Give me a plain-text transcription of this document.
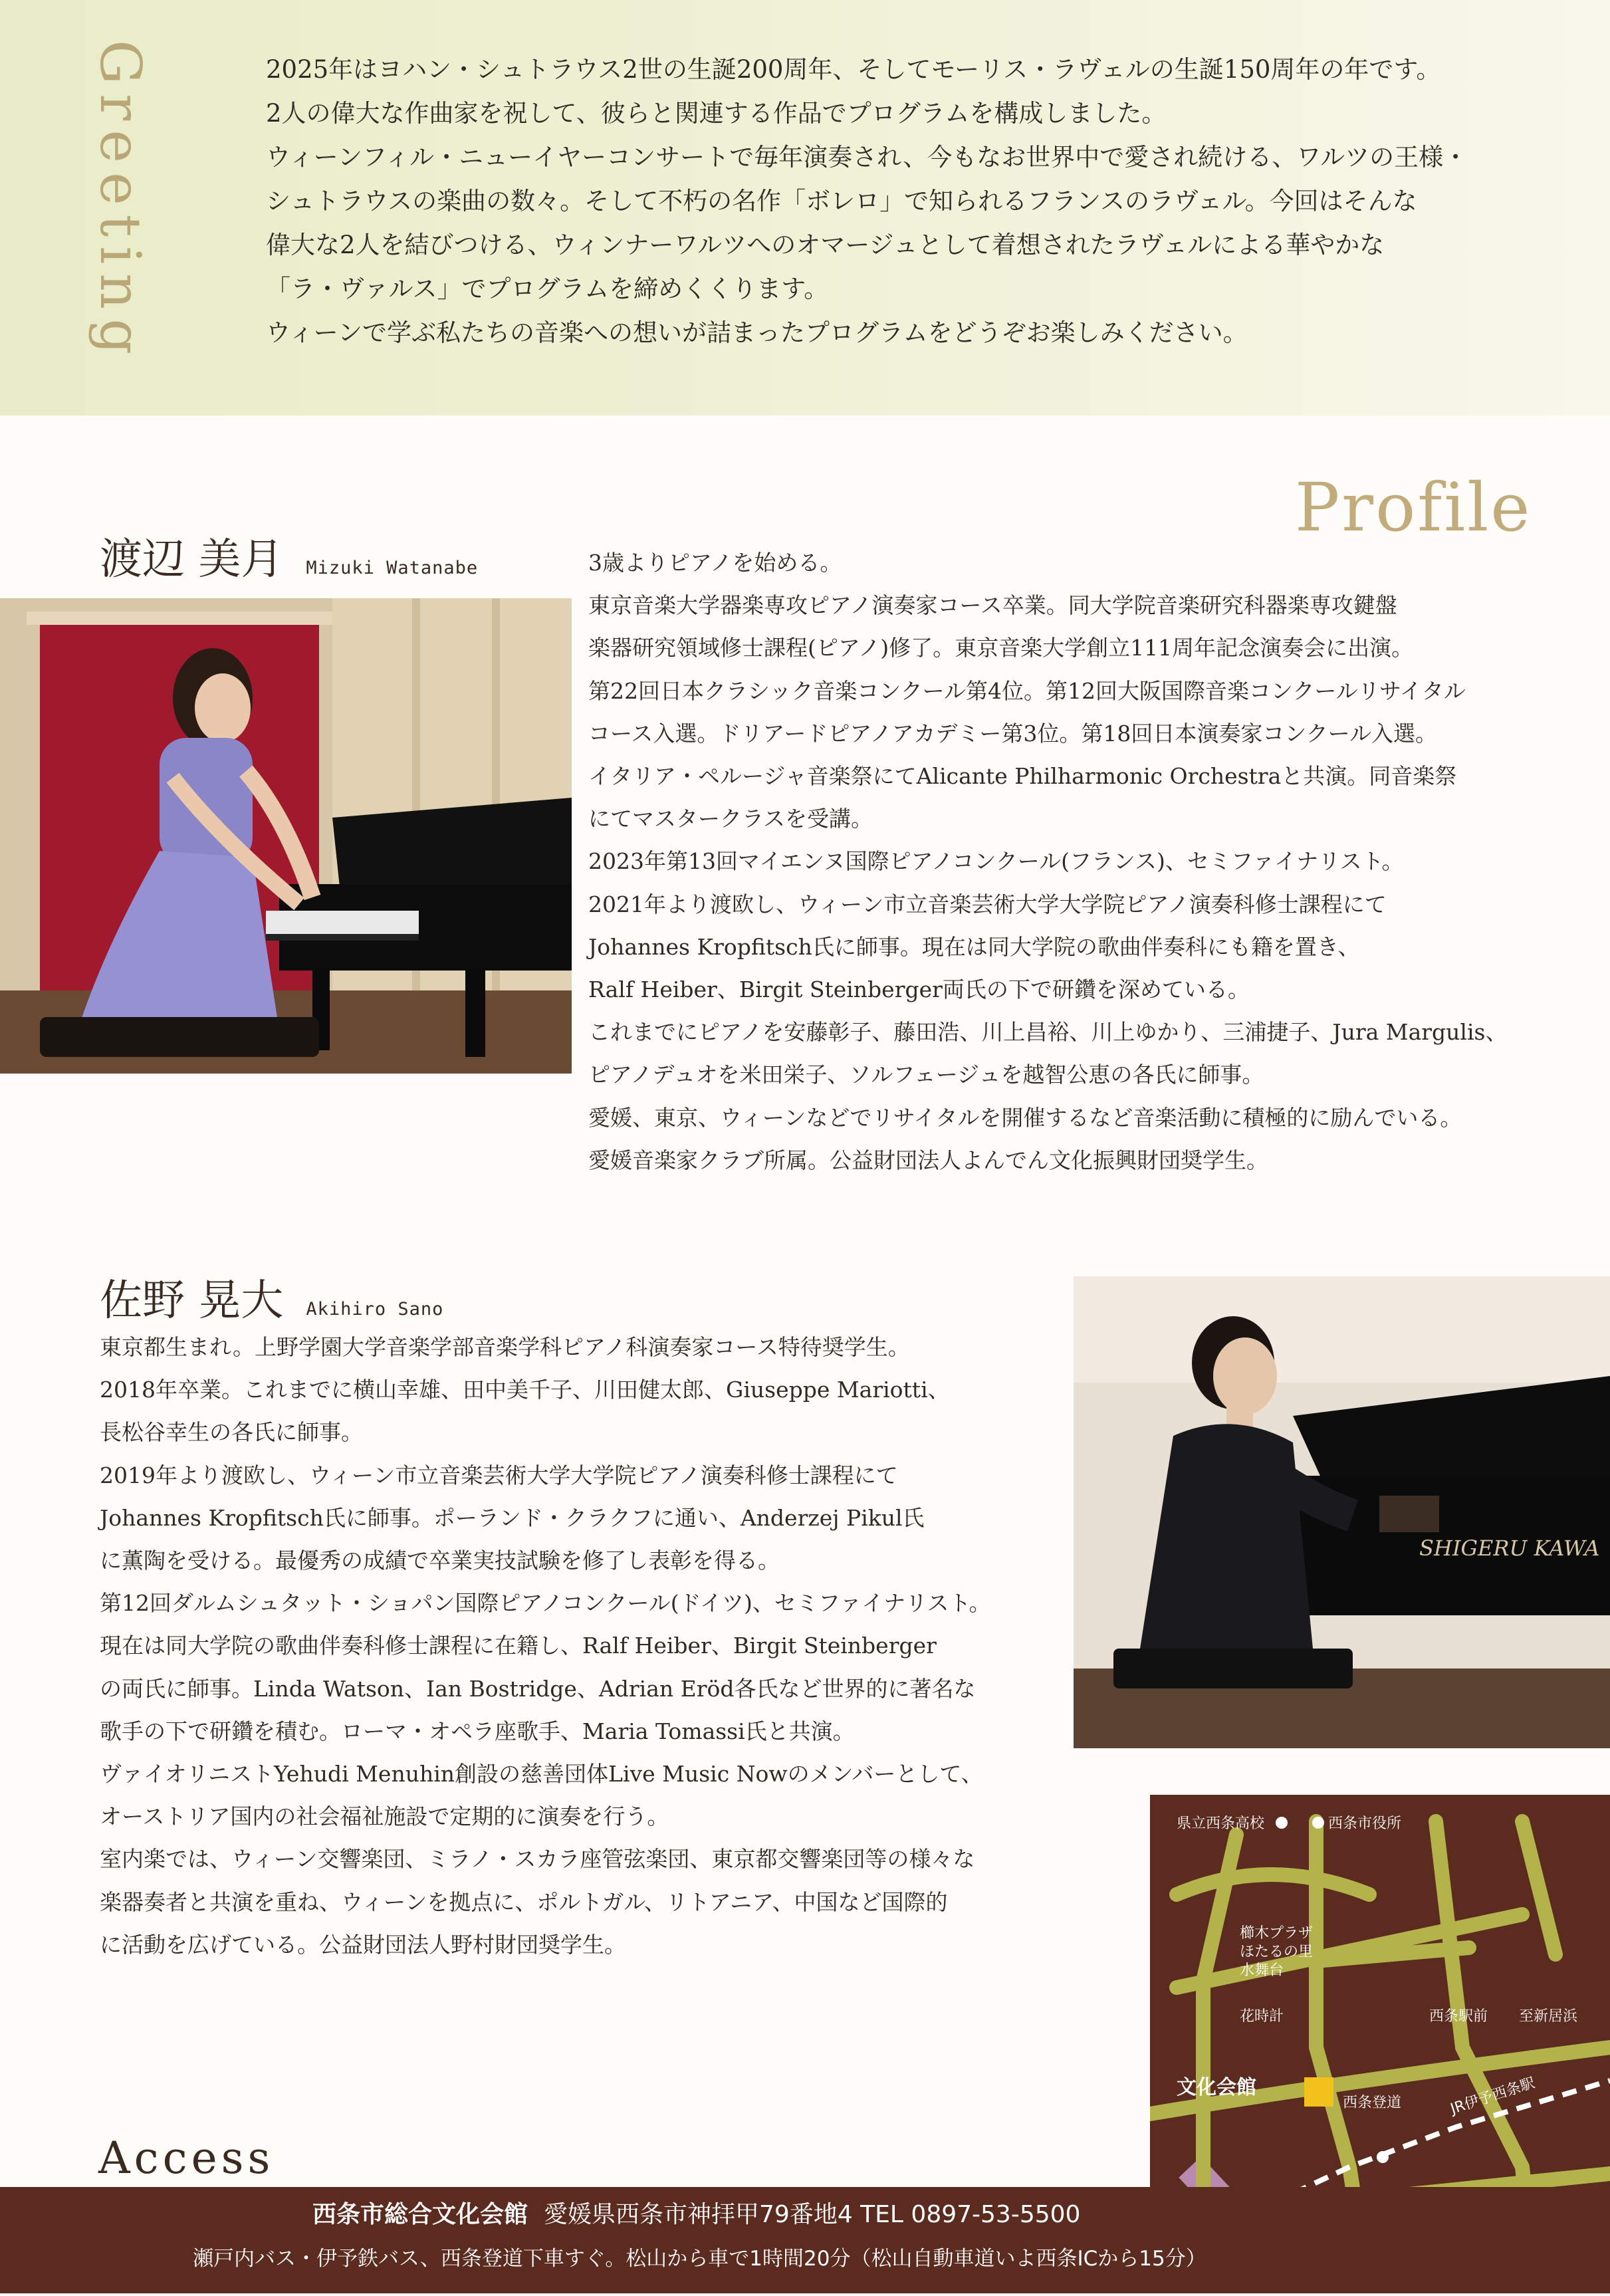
Greeting	2025年はヨハン・シュトラウス2世の生誕200周年、そしてモーリス・ラヴェルの生誕150周年の年です。

2人の偉大な作曲家を祝して、彼らと関連する作品でプログラムを構成しました。

ウィーンフィル・ニューイヤーコンサートで毎年演奏され、今もなお世界中で愛され続ける、ワルツの王様・

シュトラウスの楽曲の数々。そして不朽の名作「ボレロ」で知られるフランスのラヴェル。今回はそんな

偉大な2人を結びつける、ウィンナーワルツへのオマージュとして着想されたラヴェルによる華やかな

「ラ・ヴァルス」でプログラムを締めくくります。

ウィーンで学ぶ私たちの音楽への想いが詰まったプログラムをどうぞお楽しみください。

Profile
渡辺 美月 Mizuki Watanabe	3歳よりピアノを始める。

東京音楽大学器楽専攻ピアノ演奏家コース卒業。同大学院音楽研究科器楽専攻鍵盤

楽器研究領域修士課程(ピアノ)修了。東京音楽大学創立111周年記念演奏会に出演。

第22回日本クラシック音楽コンクール第4位。第12回大阪国際音楽コンクールリサイタル

コース入選。ドリアードピアノアカデミー第3位。第18回日本演奏家コンクール入選。

イタリア・ペルージャ音楽祭にてAlicante Philharmonic Orchestraと共演。同音楽祭

にてマスタークラスを受講。

2023年第13回マイエンヌ国際ピアノコンクール(フランス)、セミファイナリスト。

2021年より渡欧し、ウィーン市立音楽芸術大学大学院ピアノ演奏科修士課程にて

Johannes Kropfitsch氏に師事。現在は同大学院の歌曲伴奏科にも籍を置き、

Ralf Heiber、Birgit Steinberger両氏の下で研鑽を深めている。

これまでにピアノを安藤彰子、藤田浩、川上昌裕、川上ゆかり、三浦捷子、Jura Margulis、

ピアノデュオを米田栄子、ソルフェージュを越智公恵の各氏に師事。

愛媛、東京、ウィーンなどでリサイタルを開催するなど音楽活動に積極的に励んでいる。

愛媛音楽家クラブ所属。公益財団法人よんでん文化振興財団奨学生。

佐野 晃大 Akihiro Sano

東京都生まれ。上野学園大学音楽学部音楽学科ピアノ科演奏家コース特待奨学生。

2018年卒業。これまでに横山幸雄、田中美千子、川田健太郎、Giuseppe Mariotti、

長松谷幸生の各氏に師事。

2019年より渡欧し、ウィーン市立音楽芸術大学大学院ピアノ演奏科修士課程にて

Johannes Kropfitsch氏に師事。ポーランド・クラクフに通い、Anderzej Pikul氏

に薫陶を受ける。最優秀の成績で卒業実技試験を修了し表彰を得る。

第12回ダルムシュタット・ショパン国際ピアノコンクール(ドイツ)、セミファイナリスト。

現在は同大学院の歌曲伴奏科修士課程に在籍し、Ralf Heiber、Birgit Steinberger

の両氏に師事。Linda Watson、Ian Bostridge、Adrian Eröd各氏など世界的に著名な

歌手の下で研鑽を積む。ローマ・オペラ座歌手、Maria Tomassi氏と共演。

ヴァイオリニストYehudi Menuhin創設の慈善団体Live Music Nowのメンバーとして、

オーストリア国内の社会福祉施設で定期的に演奏を行う。

室内楽では、ウィーン交響楽団、ミラノ・スカラ座管弦楽団、東京都交響楽団等の様々な

楽器奏者と共演を重ね、ウィーンを拠点に、ポルトガル、リトアニア、中国など国際的

に活動を広げている。公益財団法人野村財団奨学生。

SHIGERU KAWA
県立西条高校	西条市役所
櫛木プラザ
ほたるの里
水舞台
花時計	西条駅前 至新居浜
文化会館
西条登道	JR伊予西条駅
Access
西条市総合文化会館 愛媛県西条市神拝甲79番地4 TEL 0897-53-5500
瀬戸内バス・伊予鉄バス、西条登道下車すぐ。松山から車で1時間20分（松山自動車道いよ西条ICから15分）
